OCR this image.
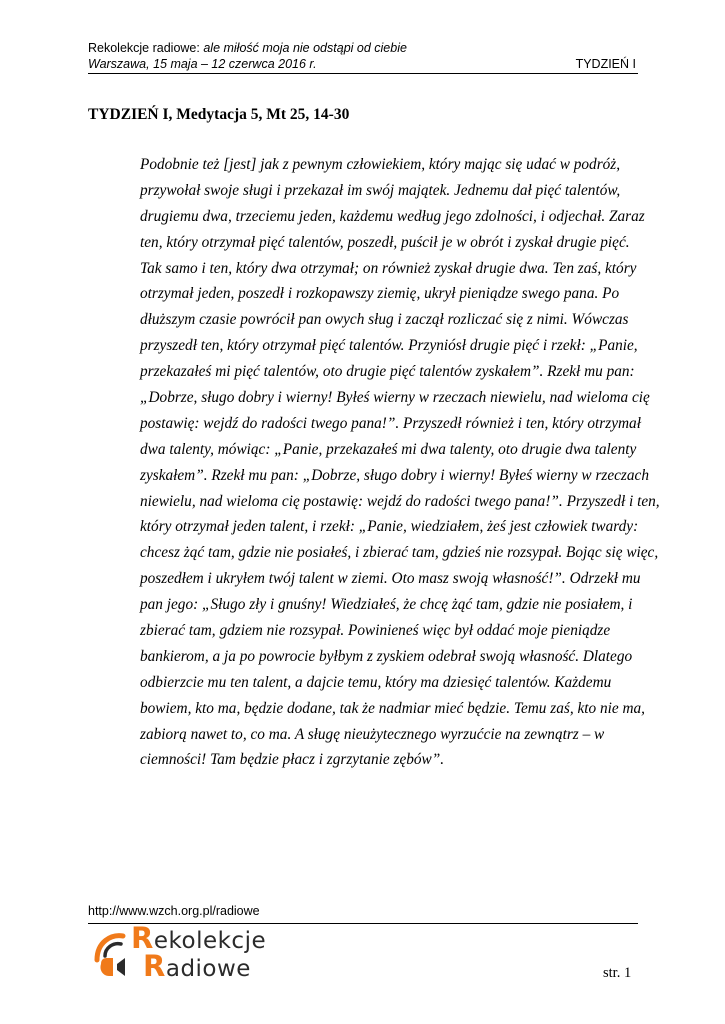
Rekolekcje radiowe: ale miłość moja nie odstąpi od ciebie
Warszawa, 15 maja – 12 czerwca 2016 r.	TYDZIEŃ I
TYDZIEŃ I, Medytacja 5, Mt 25, 14-30
Podobnie też [jest] jak z pewnym człowiekiem, który mając się udać w podróż,
przywołał swoje sługi i przekazał im swój majątek. Jednemu dał pięć talentów,
drugiemu dwa, trzeciemu jeden, każdemu według jego zdolności, i odjechał. Zaraz
ten, który otrzymał pięć talentów, poszedł, puścił je w obrót i zyskał drugie pięć.
Tak samo i ten, który dwa otrzymał; on również zyskał drugie dwa. Ten zaś, który
otrzymał jeden, poszedł i rozkopawszy ziemię, ukrył pieniądze swego pana. Po
dłuższym czasie powrócił pan owych sług i zaczął rozliczać się z nimi. Wówczas
przyszedł ten, który otrzymał pięć talentów. Przyniósł drugie pięć i rzekł: „Panie,
przekazałeś mi pięć talentów, oto drugie pięć talentów zyskałem”. Rzekł mu pan:
„Dobrze, sługo dobry i wierny! Byłeś wierny w rzeczach niewielu, nad wieloma cię
postawię: wejdź do radości twego pana!”. Przyszedł również i ten, który otrzymał
dwa talenty, mówiąc: „Panie, przekazałeś mi dwa talenty, oto drugie dwa talenty
zyskałem”. Rzekł mu pan: „Dobrze, sługo dobry i wierny! Byłeś wierny w rzeczach
niewielu, nad wieloma cię postawię: wejdź do radości twego pana!”. Przyszedł i ten,
który otrzymał jeden talent, i rzekł: „Panie, wiedziałem, żeś jest człowiek twardy:
chcesz żąć tam, gdzie nie posiałeś, i zbierać tam, gdzieś nie rozsypał. Bojąc się więc,
poszedłem i ukryłem twój talent w ziemi. Oto masz swoją własność!”. Odrzekł mu
pan jego: „Sługo zły i gnuśny! Wiedziałeś, że chcę żąć tam, gdzie nie posiałem, i
zbierać tam, gdziem nie rozsypał. Powinieneś więc był oddać moje pieniądze
bankierom, a ja po powrocie byłbym z zyskiem odebrał swoją własność. Dlatego
odbierzcie mu ten talent, a dajcie temu, który ma dziesięć talentów. Każdemu
bowiem, kto ma, będzie dodane, tak że nadmiar mieć będzie. Temu zaś, kto nie ma,
zabiorą nawet to, co ma. A sługę nieużytecznego wyrzućcie na zewnątrz – w
ciemności! Tam będzie płacz i zgrzytanie zębów”.
http://www.wzch.org.pl/radiowe
Rekolekcje
Radiowe	str. 1
